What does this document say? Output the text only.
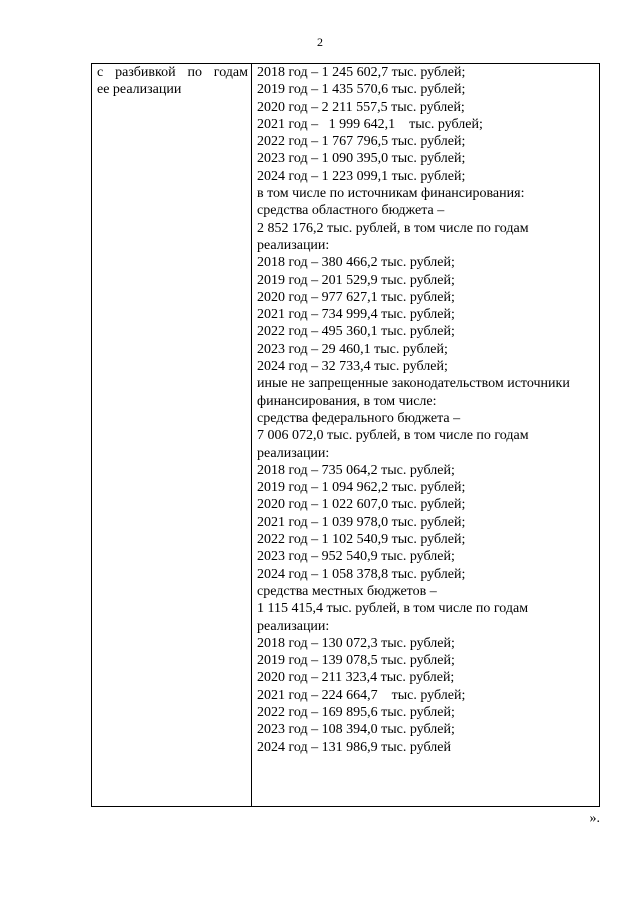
2
с разбивкой по годам
ее реализации
2018 год – 1 245 602,7 тыс. рублей;
2019 год – 1 435 570,6 тыс. рублей;
2020 год – 2 211 557,5 тыс. рублей;
2021 год –   1 999 642,1    тыс. рублей;
2022 год – 1 767 796,5 тыс. рублей;
2023 год – 1 090 395,0 тыс. рублей;
2024 год – 1 223 099,1 тыс. рублей;
в том числе по источникам финансирования:
средства областного бюджета –
2 852 176,2 тыс. рублей, в том числе по годам
реализации:
2018 год – 380 466,2 тыс. рублей;
2019 год – 201 529,9 тыс. рублей;
2020 год – 977 627,1 тыс. рублей;
2021 год – 734 999,4 тыс. рублей;
2022 год – 495 360,1 тыс. рублей;
2023 год – 29 460,1 тыс. рублей;
2024 год – 32 733,4 тыс. рублей;
иные не запрещенные законодательством источники
финансирования, в том числе:
средства федерального бюджета –
7 006 072,0 тыс. рублей, в том числе по годам
реализации:
2018 год – 735 064,2 тыс. рублей;
2019 год – 1 094 962,2 тыс. рублей;
2020 год – 1 022 607,0 тыс. рублей;
2021 год – 1 039 978,0 тыс. рублей;
2022 год – 1 102 540,9 тыс. рублей;
2023 год – 952 540,9 тыс. рублей;
2024 год – 1 058 378,8 тыс. рублей;
средства местных бюджетов –
1 115 415,4 тыс. рублей, в том числе по годам
реализации:
2018 год – 130 072,3 тыс. рублей;
2019 год – 139 078,5 тыс. рублей;
2020 год – 211 323,4 тыс. рублей;
2021 год – 224 664,7    тыс. рублей;
2022 год – 169 895,6 тыс. рублей;
2023 год – 108 394,0 тыс. рублей;
2024 год – 131 986,9 тыс. рублей
».
